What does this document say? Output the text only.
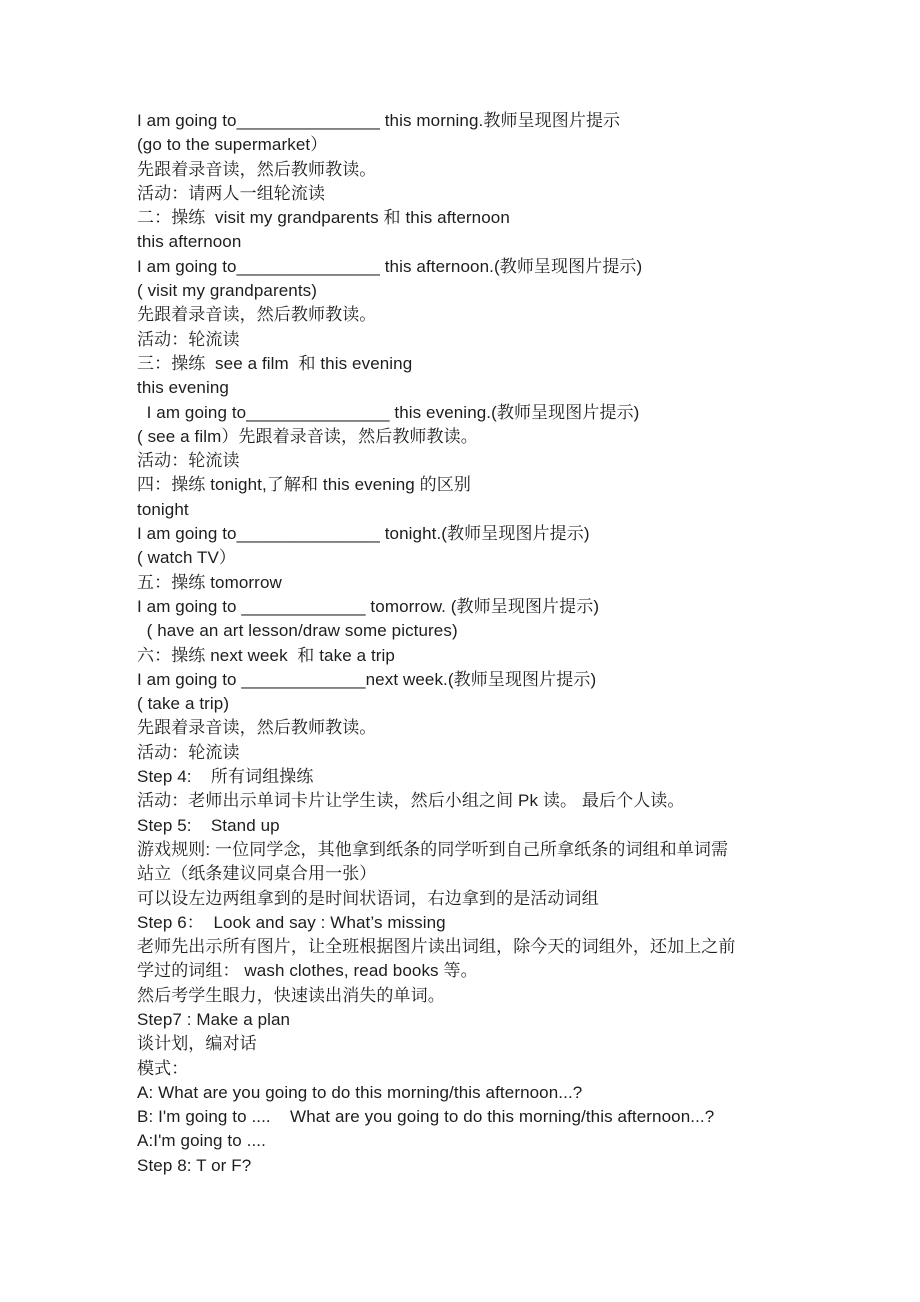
I am going to_______________ this morning.教师呈现图片提示
(go to the supermarket）
先跟着录音读，然后教师教读。
活动：请两人一组轮流读
二：操练  visit my grandparents 和 this afternoon
this afternoon
I am going to_______________ this afternoon.(教师呈现图片提示)
( visit my grandparents)
先跟着录音读，然后教师教读。
活动：轮流读
三：操练  see a film  和 this evening
this evening
I am going to_______________ this evening.(教师呈现图片提示)
( see a film）先跟着录音读，然后教师教读。
活动：轮流读
四：操练 tonight,了解和 this evening 的区别
tonight
I am going to_______________ tonight.(教师呈现图片提示)
( watch TV）
五：操练 tomorrow
I am going to _____________ tomorrow. (教师呈现图片提示)
( have an art lesson/draw some pictures)
六：操练 next week  和 take a trip
I am going to _____________next week.(教师呈现图片提示)
( take a trip)
先跟着录音读，然后教师教读。
活动：轮流读
Step 4:    所有词组操练
活动：老师出示单词卡片让学生读，然后小组之间 Pk 读。 最后个人读。
Step 5:    Stand up
游戏规则: 一位同学念，其他拿到纸条的同学听到自己所拿纸条的词组和单词需
站立（纸条建议同桌合用一张）
可以设左边两组拿到的是时间状语词，右边拿到的是活动词组
Step 6：  Look and say : What’s missing
老师先出示所有图片，让全班根据图片读出词组，除今天的词组外，还加上之前
学过的词组： wash clothes, read books 等。
然后考学生眼力，快速读出消失的单词。
Step7 : Make a plan
谈计划，编对话
模式：
A: What are you going to do this morning/this afternoon...?
B: I'm going to ....    What are you going to do this morning/this afternoon...?
A:I'm going to ....
Step 8: T or F?
